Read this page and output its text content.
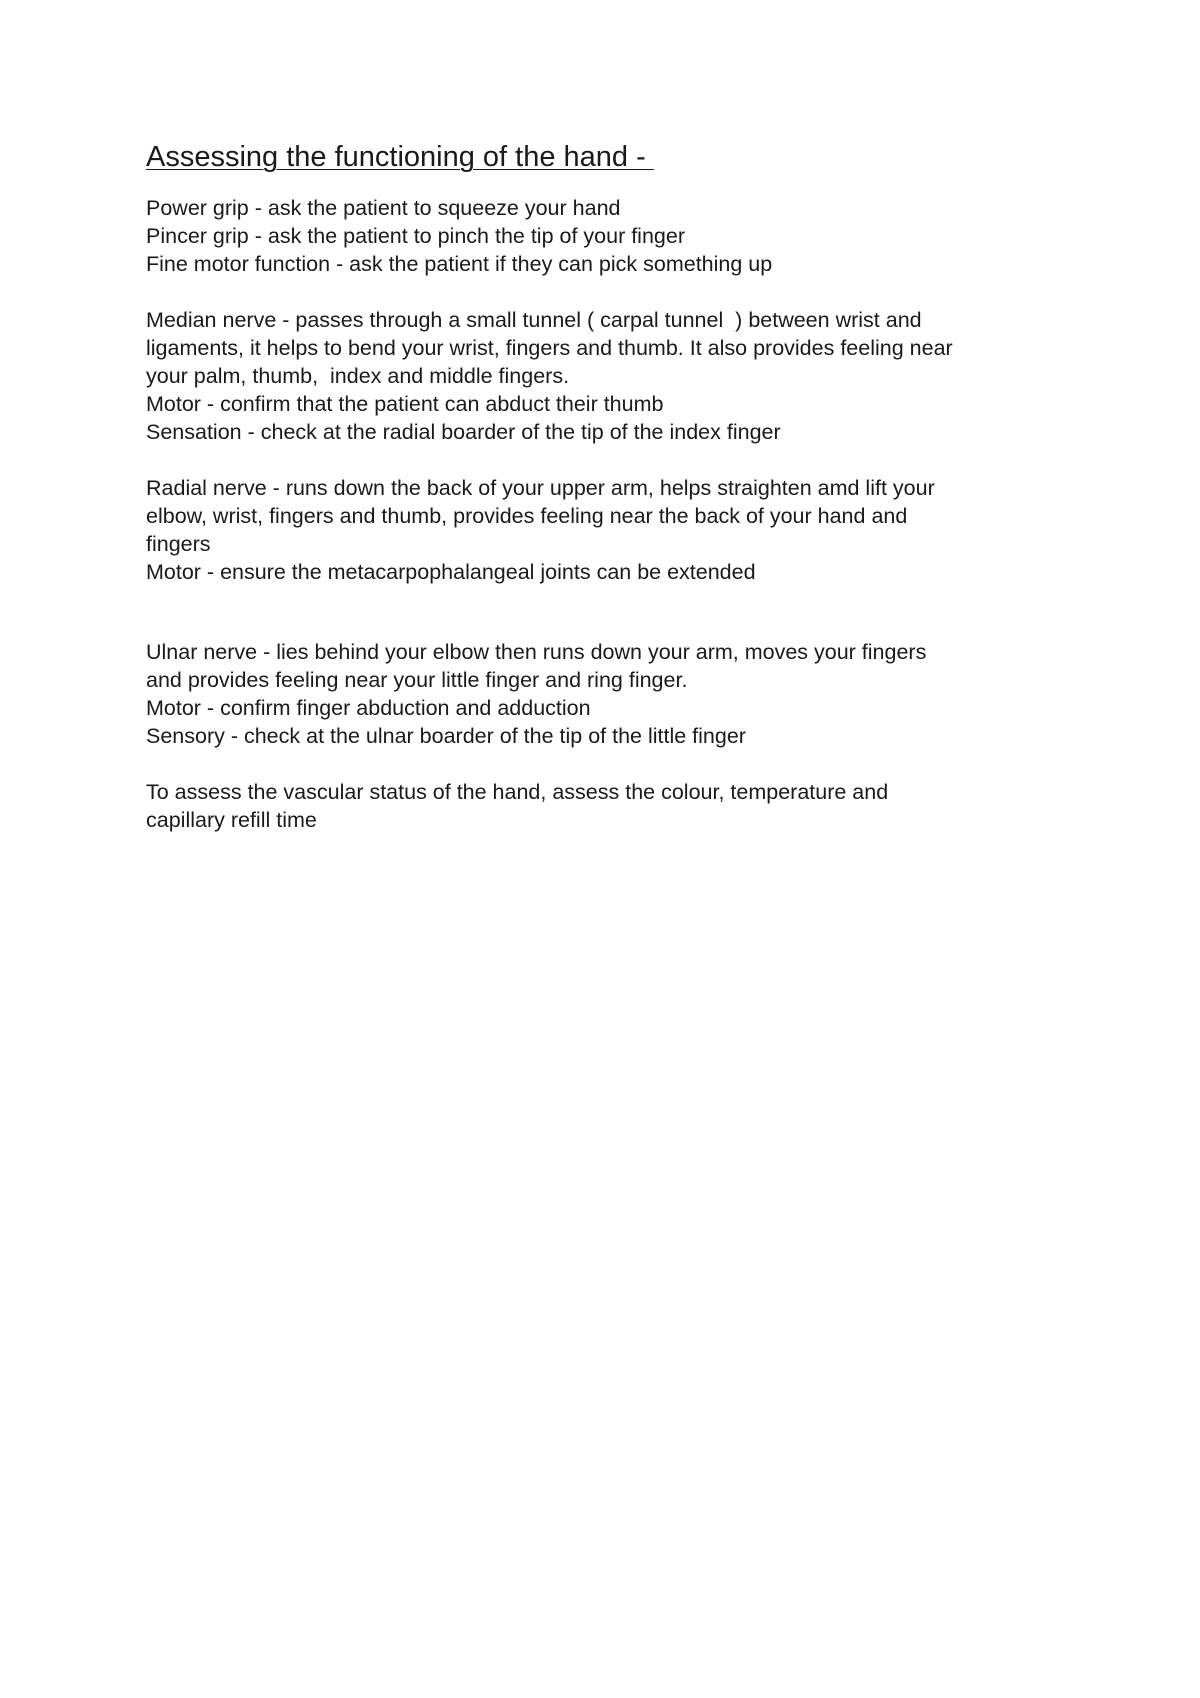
Assessing the functioning of the hand -
Power grip - ask the patient to squeeze your hand
Pincer grip - ask the patient to pinch the tip of your finger
Fine motor function - ask the patient if they can pick something up
Median nerve - passes through a small tunnel ( carpal tunnel  ) between wrist and
ligaments, it helps to bend your wrist, fingers and thumb. It also provides feeling near
your palm, thumb,  index and middle fingers.
Motor - confirm that the patient can abduct their thumb
Sensation - check at the radial boarder of the tip of the index finger
Radial nerve - runs down the back of your upper arm, helps straighten amd lift your
elbow, wrist, fingers and thumb, provides feeling near the back of your hand and
fingers
Motor - ensure the metacarpophalangeal joints can be extended
Ulnar nerve - lies behind your elbow then runs down your arm, moves your fingers
and provides feeling near your little finger and ring finger.
Motor - confirm finger abduction and adduction
Sensory - check at the ulnar boarder of the tip of the little finger
To assess the vascular status of the hand, assess the colour, temperature and
capillary refill time
